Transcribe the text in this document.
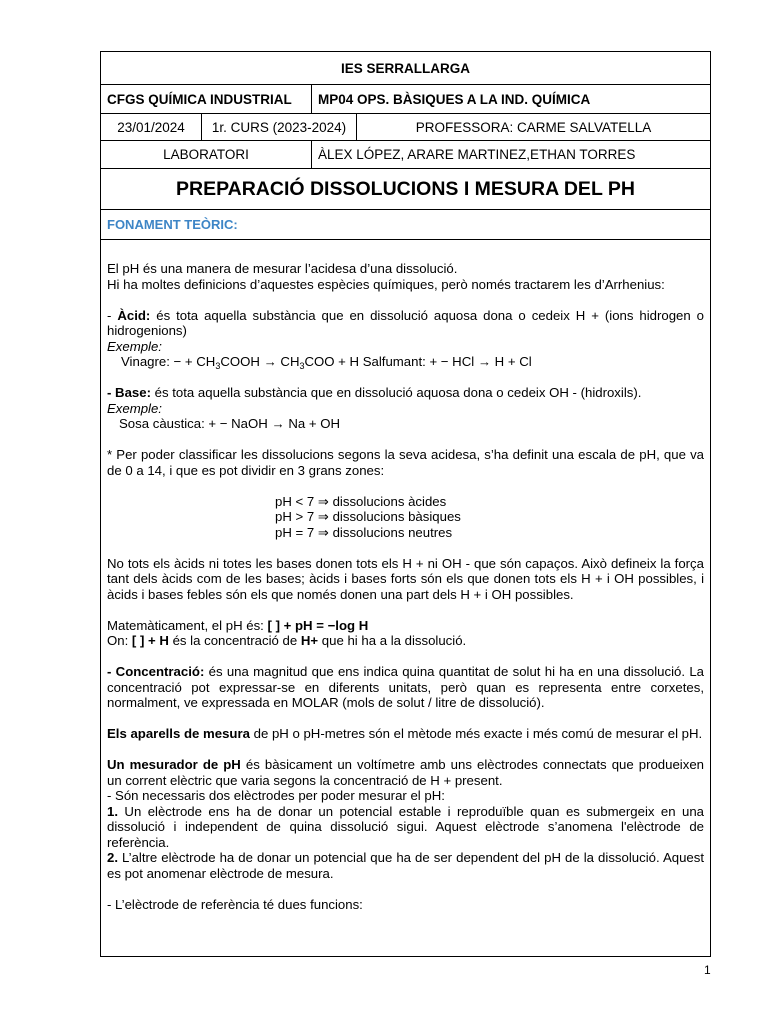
IES SERRALLARGA
CFGS QUÍMICA INDUSTRIAL	MP04 OPS. BÀSIQUES A LA IND. QUÍMICA
23/01/2024	1r. CURS (2023-2024)	PROFESSORA: CARME SALVATELLA
LABORATORI	ÀLEX LÓPEZ, ARARE MARTINEZ,ETHAN TORRES
PREPARACIÓ DISSOLUCIONS I MESURA DEL PH
FONAMENT TEÒRIC:

El pH és una manera de mesurar l’acidesa d’una dissolució.

Hi ha moltes definicions d’aquestes espècies químiques, però només tractarem les d’Arrhenius:

- Àcid: és tota aquella substància que en dissolució aquosa dona o cedeix H + (ions hidrogen o hidrogenions)

Exemple:

Vinagre: − + $CH_3COOH \to CH_3COO + H$ Salfumant: + − HCl → H + Cl

- Base: és tota aquella substància que en dissolució aquosa dona o cedeix OH - (hidroxils).

Exemple:

Sosa càustica: + − NaOH → Na + OH

* Per poder classificar les dissolucions segons la seva acidesa, s’ha definit una escala de pH, que va de 0 a 14, i que es pot dividir en 3 grans zones:

pH < 7 ⇒ dissolucions àcides

pH > 7 ⇒ dissolucions bàsiques

pH = 7 ⇒ dissolucions neutres

No tots els àcids ni totes les bases donen tots els H + ni OH - que són capaços. Això defineix la força tant dels àcids com de les bases; àcids i bases forts són els que donen tots els H + i OH possibles, i àcids i bases febles són els que només donen una part dels H + i OH possibles.

Matemàticament, el pH és: [ ] + pH = −log H

On: [ ] + H és la concentració de H+ que hi ha a la dissolució.

- Concentració: és una magnitud que ens indica quina quantitat de solut hi ha en una dissolució. La concentració pot expressar-se en diferents unitats, però quan es representa entre corxetes, normalment, ve expressada en MOLAR (mols de solut / litre de dissolució).

Els aparells de mesura de pH o pH-metres són el mètode més exacte i més comú de mesurar el pH.

Un mesurador de pH és bàsicament un voltímetre amb uns elèctrodes connectats que produeixen un corrent elèctric que varia segons la concentració de H + present.

- Són necessaris dos elèctrodes per poder mesurar el pH:

1. Un elèctrode ens ha de donar un potencial estable i reproduïble quan es submergeix en una dissolució i independent de quina dissolució sigui. Aquest elèctrode s’anomena l'elèctrode de referència.

2. L’altre elèctrode ha de donar un potencial que ha de ser dependent del pH de la dissolució. Aquest es pot anomenar elèctrode de mesura.

- L’elèctrode de referència té dues funcions:

1
